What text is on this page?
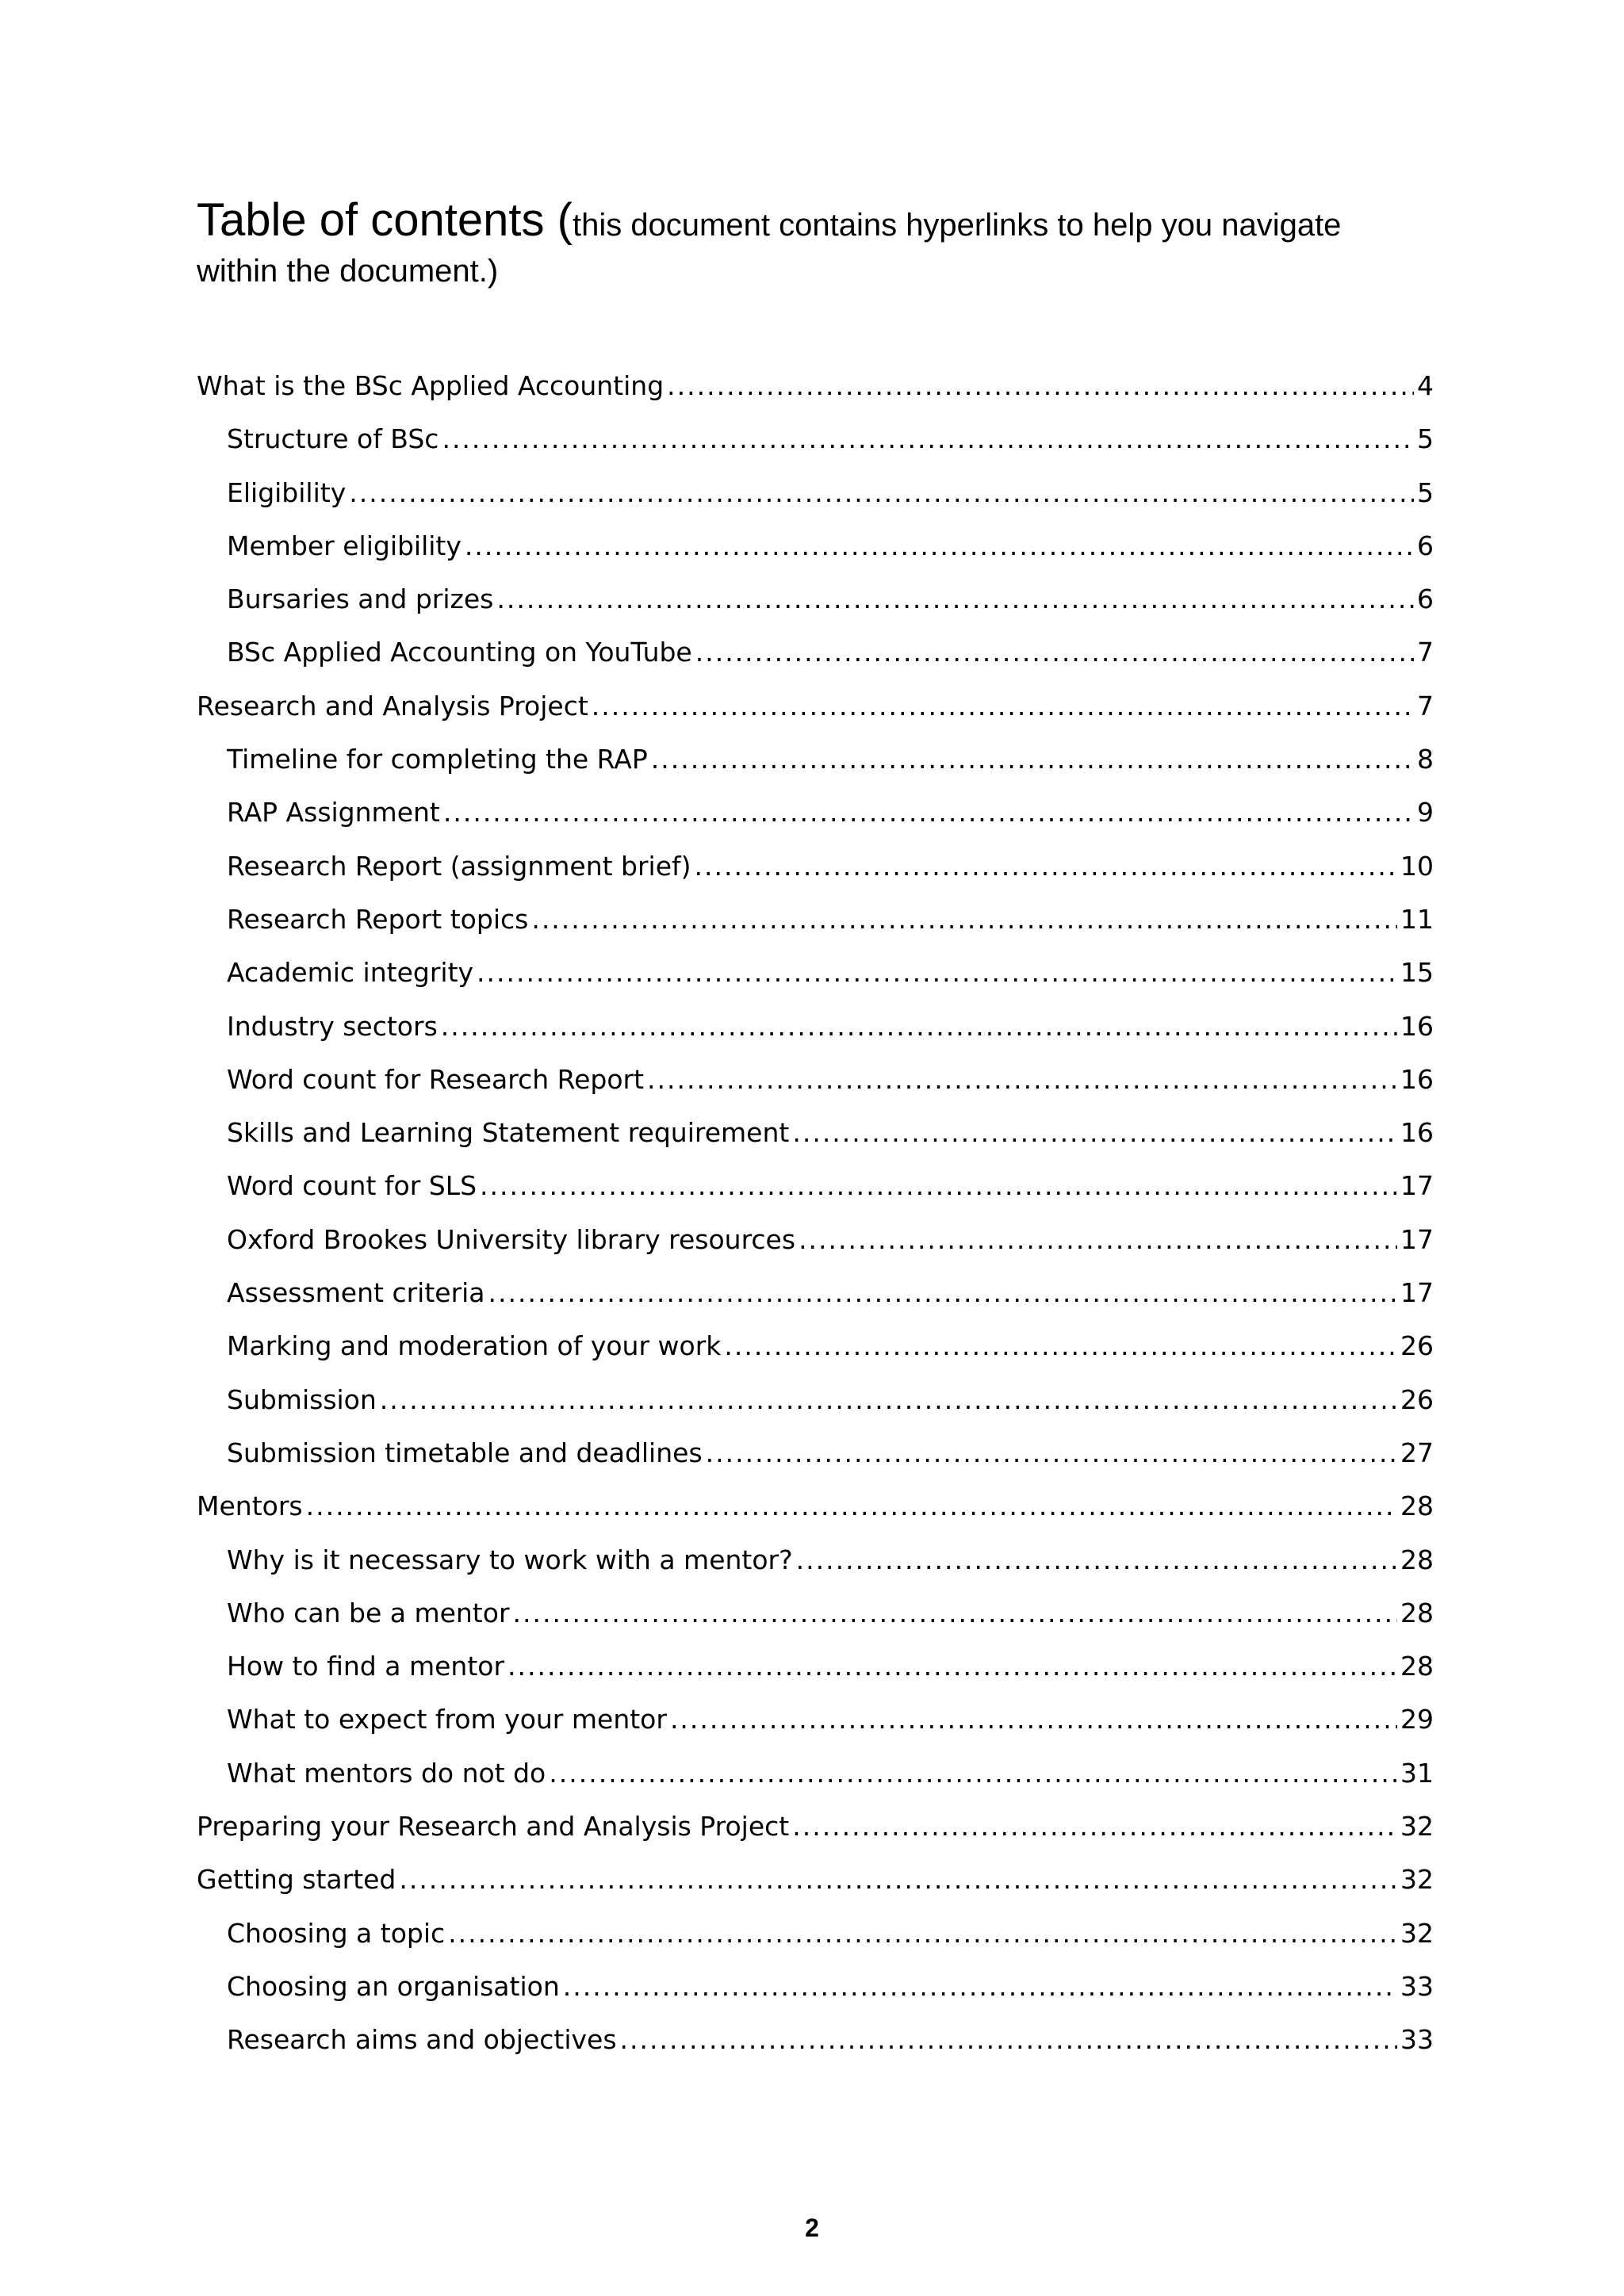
Table of contents (this document contains hyperlinks to help you navigate
within the document.)
What is the BSc Applied Accounting .....	4
Structure of BSc .....	5
Eligibility .....	5
Member eligibility .....	6
Bursaries and prizes .....	6
BSc Applied Accounting on YouTube .....	7
Research and Analysis Project .....	7
Timeline for completing the RAP .....	8
RAP Assignment .....	9
Research Report (assignment brief) .....	10
Research Report topics .....	11
Academic integrity .....	15
Industry sectors .....	16
Word count for Research Report .....	16
Skills and Learning Statement requirement .....	16
Word count for SLS .....	17
Oxford Brookes University library resources .....	17
Assessment criteria .....	17
Marking and moderation of your work .....	26
Submission .....	26
Submission timetable and deadlines .....	27
Mentors .....	28
Why is it necessary to work with a mentor? .....	28
Who can be a mentor .....	28
How to find a mentor .....	28
What to expect from your mentor .....	29
What mentors do not do .....	31
Preparing your Research and Analysis Project .....	32
Getting started .....	32
Choosing a topic .....	32
Choosing an organisation .....	33
Research aims and objectives .....	33
2
